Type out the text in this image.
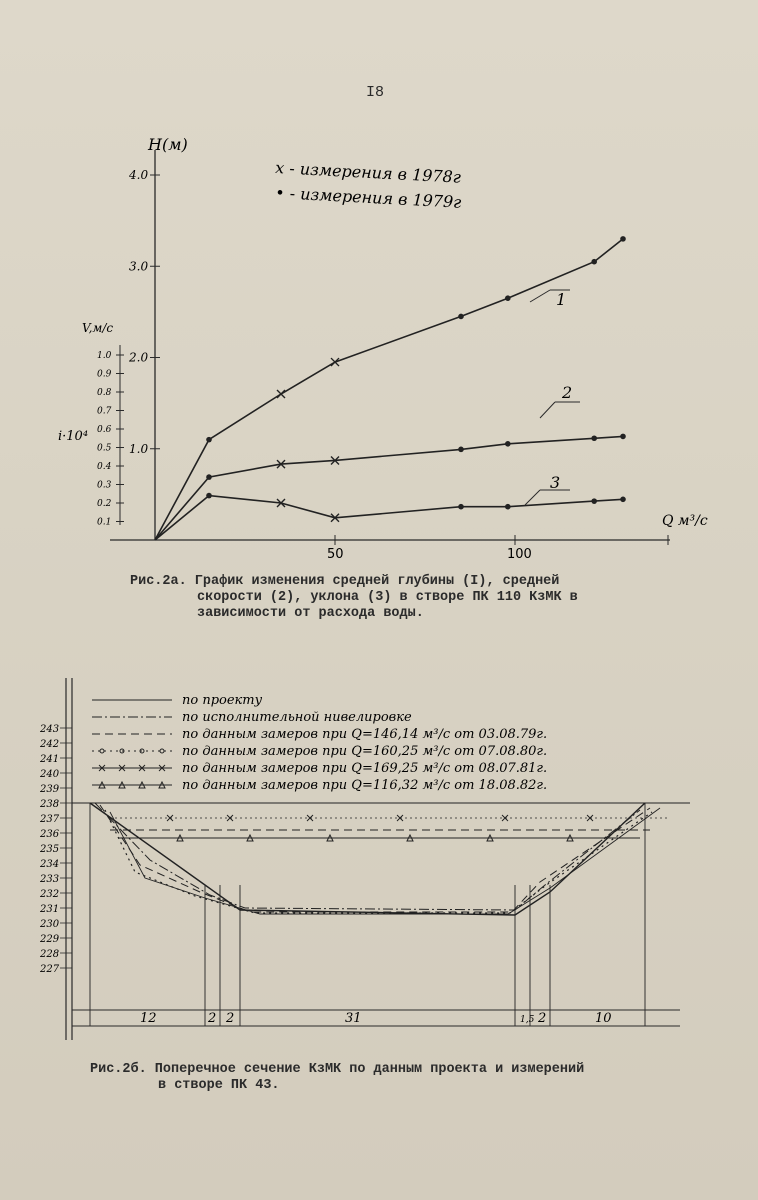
I8
50	100
1.0
2.0
3.0
4.0
0.1
0.2
0.3
0.4
0.5
0.6
0.7
0.8
0.9
1.0
H(м)
V,м/с
i·10⁴
Q м³/с
x - измерения в 1978г
• - измерения в 1979г
1
2
3
Рис.2а. График изменения средней глубины (I), средней
скорости (2), уклона (3) в створе ПК 110 КзМК в
зависимости от расхода воды.
243
242
241
240
239
238
237
236
235
234
233
232
231
230
229
228
227
по проекту
по исполнительной нивелировке
по данным замеров при Q=146,14 м³/с от 03.08.79г.
по данным замеров при Q=160,25 м³/с от 07.08.80г.
по данным замеров при Q=169,25 м³/с от 08.07.81г.
по данным замеров при Q=116,32 м³/с от 18.08.82г.
12	2 2	31	1,5 2	10
Рис.2б. Поперечное сечение КзМК по данным проекта и измерений
в створе ПК 43.
